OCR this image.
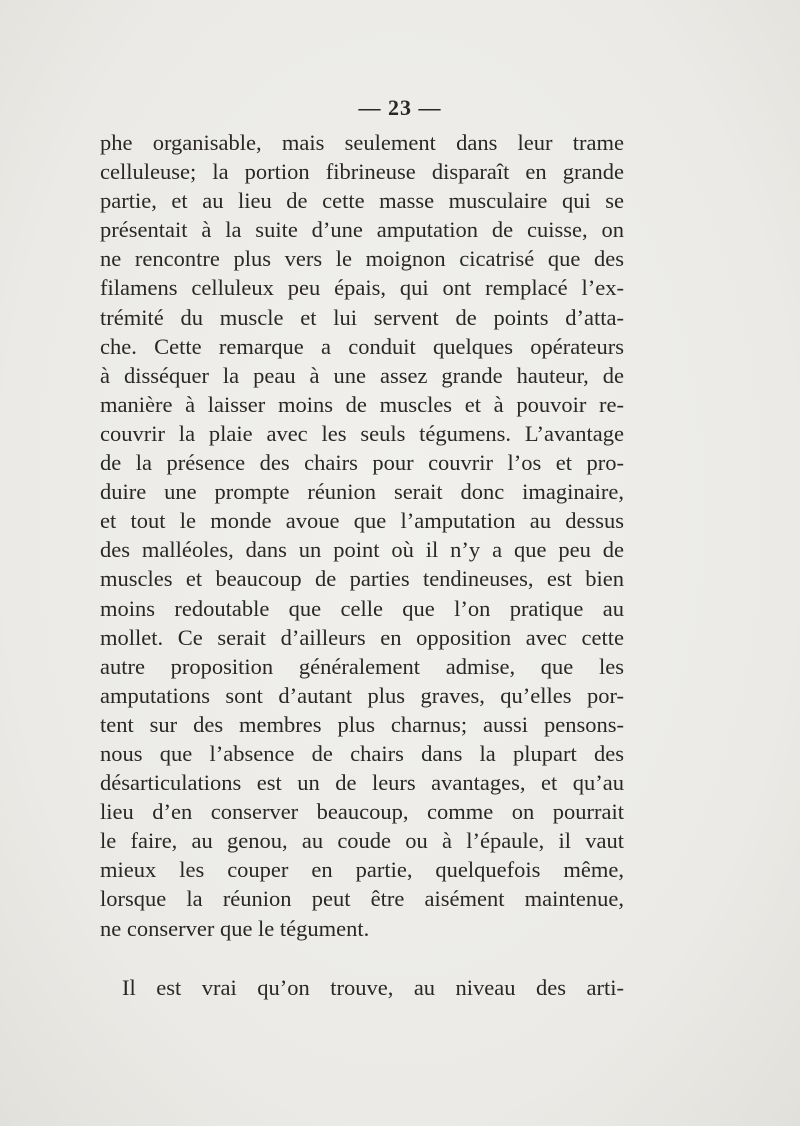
— 23 —
phe organisable, mais seulement dans leur trame
celluleuse; la portion fibrineuse disparaît en grande
partie, et au lieu de cette masse musculaire qui se
présentait à la suite d’une amputation de cuisse, on
ne rencontre plus vers le moignon cicatrisé que des
filamens celluleux peu épais, qui ont remplacé l’ex-
trémité du muscle et lui servent de points d’atta-
che. Cette remarque a conduit quelques opérateurs
à disséquer la peau à une assez grande hauteur, de
manière à laisser moins de muscles et à pouvoir re-
couvrir la plaie avec les seuls tégumens. L’avantage
de la présence des chairs pour couvrir l’os et pro-
duire une prompte réunion serait donc imaginaire,
et tout le monde avoue que l’amputation au dessus
des malléoles, dans un point où il n’y a que peu de
muscles et beaucoup de parties tendineuses, est bien
moins redoutable que celle que l’on pratique au
mollet. Ce serait d’ailleurs en opposition avec cette
autre proposition généralement admise, que les
amputations sont d’autant plus graves, qu’elles por-
tent sur des membres plus charnus; aussi pensons-
nous que l’absence de chairs dans la plupart des
désarticulations est un de leurs avantages, et qu’au
lieu d’en conserver beaucoup, comme on pourrait
le faire, au genou, au coude ou à l’épaule, il vaut
mieux les couper en partie, quelquefois même,
lorsque la réunion peut être aisément maintenue,
ne conserver que le tégument.
Il est vrai qu’on trouve, au niveau des arti-
